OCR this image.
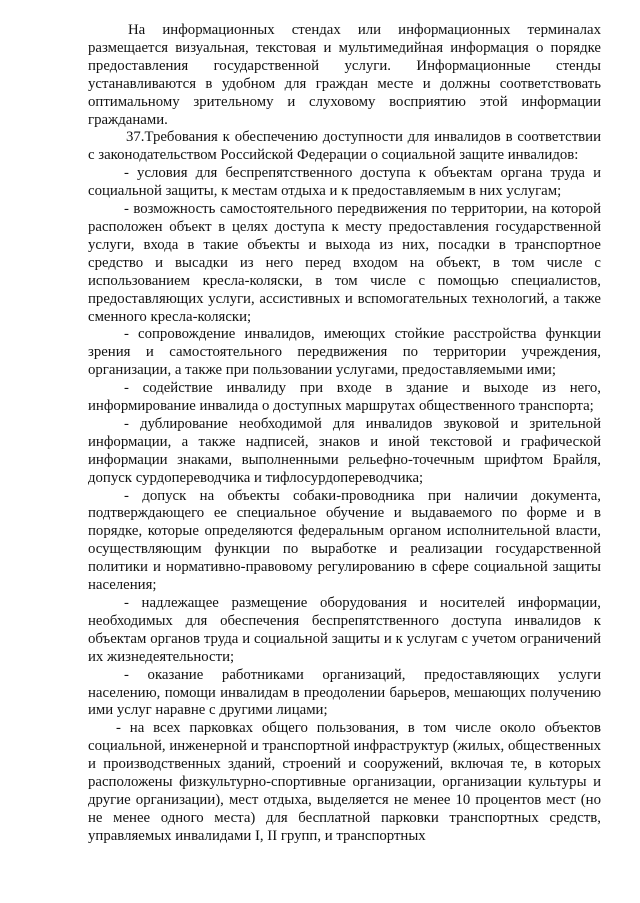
На информационных стендах или информационных терминалах размещается визуальная, текстовая и мультимедийная информация о порядке предоставления государственной услуги. Информационные стенды устанавливаются в удобном для граждан месте и должны соответствовать оптимальному зрительному и слуховому восприятию этой информации гражданами.

37.Требования к обеспечению доступности для инвалидов в соответствии с законодательством Российской Федерации о социальной защите инвалидов:

- условия для беспрепятственного доступа к объектам органа труда и социальной защиты, к местам отдыха и к предоставляемым в них услугам;

- возможность самостоятельного передвижения по территории, на которой расположен объект в целях доступа к месту предоставления государственной услуги, входа в такие объекты и выхода из них, посадки в транспортное средство и высадки из него перед входом на объект, в том числе с использованием кресла-коляски, в том числе с помощью специалистов, предоставляющих услуги, ассистивных и вспомогательных технологий, а также сменного кресла-коляски;

- сопровождение инвалидов, имеющих стойкие расстройства функции зрения и самостоятельного передвижения по территории учреждения, организации, а также при пользовании услугами, предоставляемыми ими;

- содействие инвалиду при входе в здание и выходе из него, информирование инвалида о доступных маршрутах общественного транспорта;

- дублирование необходимой для инвалидов звуковой и зрительной информации, а также надписей, знаков и иной текстовой и графической информации знаками, выполненными рельефно-точечным шрифтом Брайля, допуск сурдопереводчика и тифлосурдопереводчика;

- допуск на объекты собаки-проводника при наличии документа, подтверждающего ее специальное обучение и выдаваемого по форме и в порядке, которые определяются федеральным органом исполнительной власти, осуществляющим функции по выработке и реализации государственной политики и нормативно-правовому регулированию в сфере социальной защиты населения;

- надлежащее размещение оборудования и носителей информации, необходимых для обеспечения беспрепятственного доступа инвалидов к объектам органов труда и социальной защиты и к услугам с учетом ограничений их жизнедеятельности;

- оказание работниками организаций, предоставляющих услуги населению, помощи инвалидам в преодолении барьеров, мешающих получению ими услуг наравне с другими лицами;

- на всех парковках общего пользования, в том числе около объектов социальной, инженерной и транспортной инфраструктур (жилых, общественных и производственных зданий, строений и сооружений, включая те, в которых расположены физкультурно-спортивные организации, организации культуры и другие организации), мест отдыха, выделяется не менее 10 процентов мест (но не менее одного места) для бесплатной парковки транспортных средств, управляемых инвалидами I, II групп, и транспортных
